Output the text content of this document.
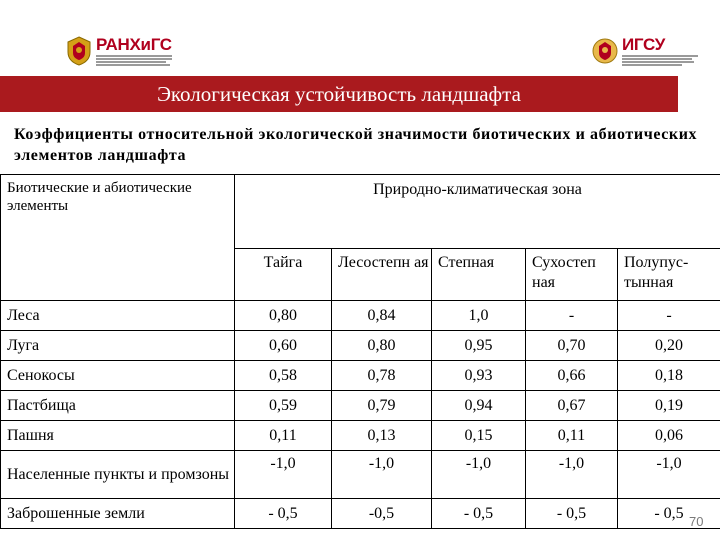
РАНХиГС	ИГСУ
Экологическая устойчивость ландшафта
Коэффициенты относительной экологической значимости биотических и абиотических элементов ландшафта
Биотические и абиотические элементы	Природно-климатическая зона				
	Тайга	Лесостепн ая	Степная	Сухостеп ная	Полупус- тынная
Леса	0,80	0,84	1,0	-	-
Луга	0,60	0,80	0,95	0,70	0,20
Сенокосы	0,58	0,78	0,93	0,66	0,18
Пастбища	0,59	0,79	0,94	0,67	0,19
Пашня	0,11	0,13	0,15	0,11	0,06
Населенные пункты и промзоны	-1,0	-1,0	-1,0	-1,0	-1,0
Заброшенные земли	- 0,5	-0,5	- 0,5	- 0,5	- 0,5 70
